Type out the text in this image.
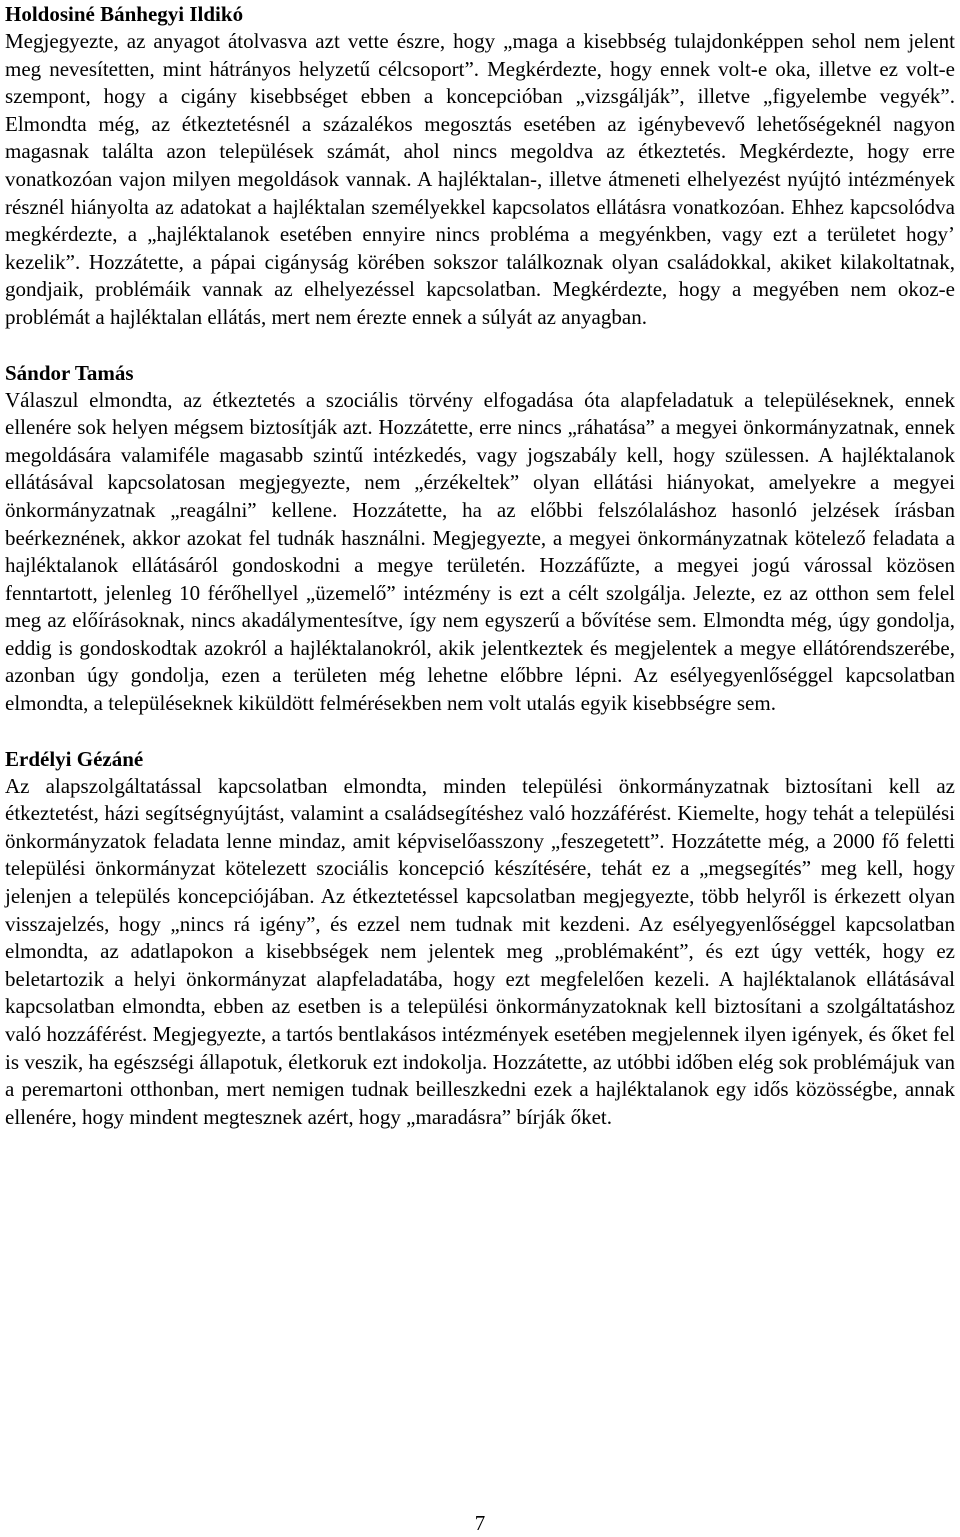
Holdosiné Bánhegyi Ildikó

Megjegyezte, az anyagot átolvasva azt vette észre, hogy „maga a kisebbség tulajdonképpen sehol nem jelent meg nevesítetten, mint hátrányos helyzetű célcsoport”. Megkérdezte, hogy ennek volt-e oka, illetve ez volt-e szempont, hogy a cigány kisebbséget ebben a koncepcióban „vizsgálják”, illetve „figyelembe vegyék”. Elmondta még, az étkeztetésnél a százalékos megosztás esetében az igénybevevő lehetőségeknél nagyon magasnak találta azon települések számát, ahol nincs megoldva az étkeztetés. Megkérdezte, hogy erre vonatkozóan vajon milyen megoldások vannak. A hajléktalan-, illetve átmeneti elhelyezést nyújtó intézmények résznél hiányolta az adatokat a hajléktalan személyekkel kapcsolatos ellátásra vonatkozóan. Ehhez kapcsolódva megkérdezte, a „hajléktalanok esetében ennyire nincs probléma a megyénkben, vagy ezt a területet hogy’ kezelik”. Hozzátette, a pápai cigányság körében sokszor találkoznak olyan családokkal, akiket kilakoltatnak, gondjaik, problémáik vannak az elhelyezéssel kapcsolatban. Megkérdezte, hogy a megyében nem okoz-e problémát a hajléktalan ellátás, mert nem érezte ennek a súlyát az anyagban.

Sándor Tamás

Válaszul elmondta, az étkeztetés a szociális törvény elfogadása óta alapfeladatuk a településeknek, ennek ellenére sok helyen mégsem biztosítják azt. Hozzátette, erre nincs „ráhatása” a megyei önkormányzatnak, ennek megoldására valamiféle magasabb szintű intézkedés, vagy jogszabály kell, hogy szülessen. A hajléktalanok ellátásával kapcsolatosan megjegyezte, nem „érzékeltek” olyan ellátási hiányokat, amelyekre a megyei önkormányzatnak „reagálni” kellene. Hozzátette, ha az előbbi felszólaláshoz hasonló jelzések írásban beérkeznének, akkor azokat fel tudnák használni. Megjegyezte, a megyei önkormányzatnak kötelező feladata a hajléktalanok ellátásáról gondoskodni a megye területén. Hozzáfűzte, a megyei jogú várossal közösen fenntartott, jelenleg 10 férőhellyel „üzemelő” intézmény is ezt a célt szolgálja. Jelezte, ez az otthon sem felel meg az előírásoknak, nincs akadálymentesítve, így nem egyszerű a bővítése sem. Elmondta még, úgy gondolja, eddig is gondoskodtak azokról a hajléktalanokról, akik jelentkeztek és megjelentek a megye ellátórendszerébe, azonban úgy gondolja, ezen a területen még lehetne előbbre lépni. Az esélyegyenlőséggel kapcsolatban elmondta, a településeknek kiküldött felmérésekben nem volt utalás egyik kisebbségre sem.

Erdélyi Gézáné

Az alapszolgáltatással kapcsolatban elmondta, minden települési önkormányzatnak biztosítani kell az étkeztetést, házi segítségnyújtást, valamint a családsegítéshez való hozzáférést. Kiemelte, hogy tehát a települési önkormányzatok feladata lenne mindaz, amit képviselőasszony „feszegetett”. Hozzátette még, a 2000 fő feletti települési önkormányzat kötelezett szociális koncepció készítésére, tehát ez a „megsegítés” meg kell, hogy jelenjen a település koncepciójában. Az étkeztetéssel kapcsolatban megjegyezte, több helyről is érkezett olyan visszajelzés, hogy „nincs rá igény”, és ezzel nem tudnak mit kezdeni. Az esélyegyenlőséggel kapcsolatban elmondta, az adatlapokon a kisebbségek nem jelentek meg „problémaként”, és ezt úgy vették, hogy ez beletartozik a helyi önkormányzat alapfeladatába, hogy ezt megfelelően kezeli. A hajléktalanok ellátásával kapcsolatban elmondta, ebben az esetben is a települési önkormányzatoknak kell biztosítani a szolgáltatáshoz való hozzáférést. Megjegyezte, a tartós bentlakásos intézmények esetében megjelennek ilyen igények, és őket fel is veszik, ha egészségi állapotuk, életkoruk ezt indokolja. Hozzátette, az utóbbi időben elég sok problémájuk van a peremartoni otthonban, mert nemigen tudnak beilleszkedni ezek a hajléktalanok egy idős közösségbe, annak ellenére, hogy mindent megtesznek azért, hogy „maradásra” bírják őket.

7
